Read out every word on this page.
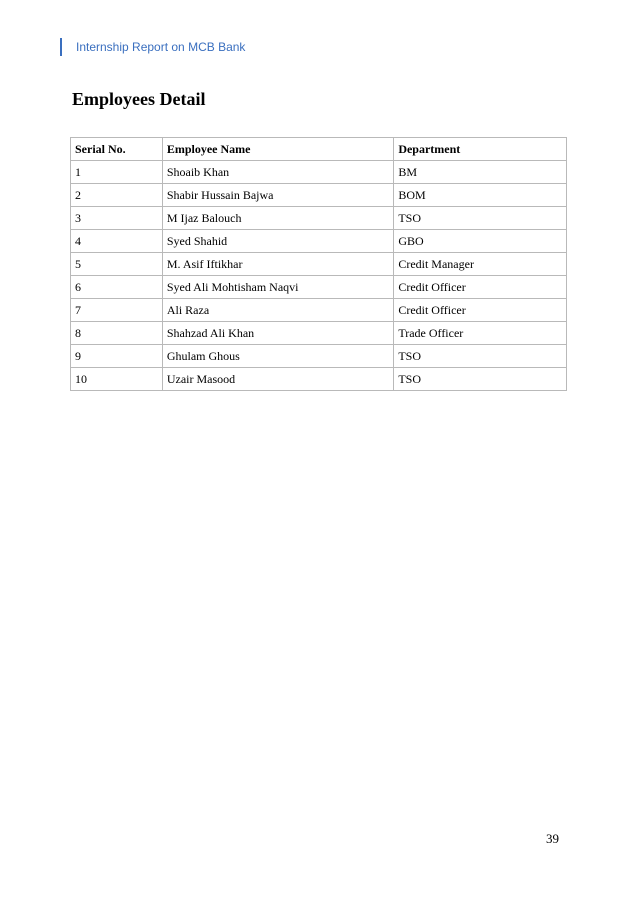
Internship Report on MCB Bank
Employees Detail
Serial No.	Employee Name	Department
1	Shoaib Khan	BM
2	Shabir Hussain Bajwa	BOM
3	M Ijaz Balouch	TSO
4	Syed Shahid	GBO
5	M. Asif Iftikhar	Credit Manager
6	Syed Ali Mohtisham Naqvi	Credit Officer
7	Ali Raza	Credit Officer
8	Shahzad Ali Khan	Trade Officer
9	Ghulam Ghous	TSO
10	Uzair Masood	TSO
39
